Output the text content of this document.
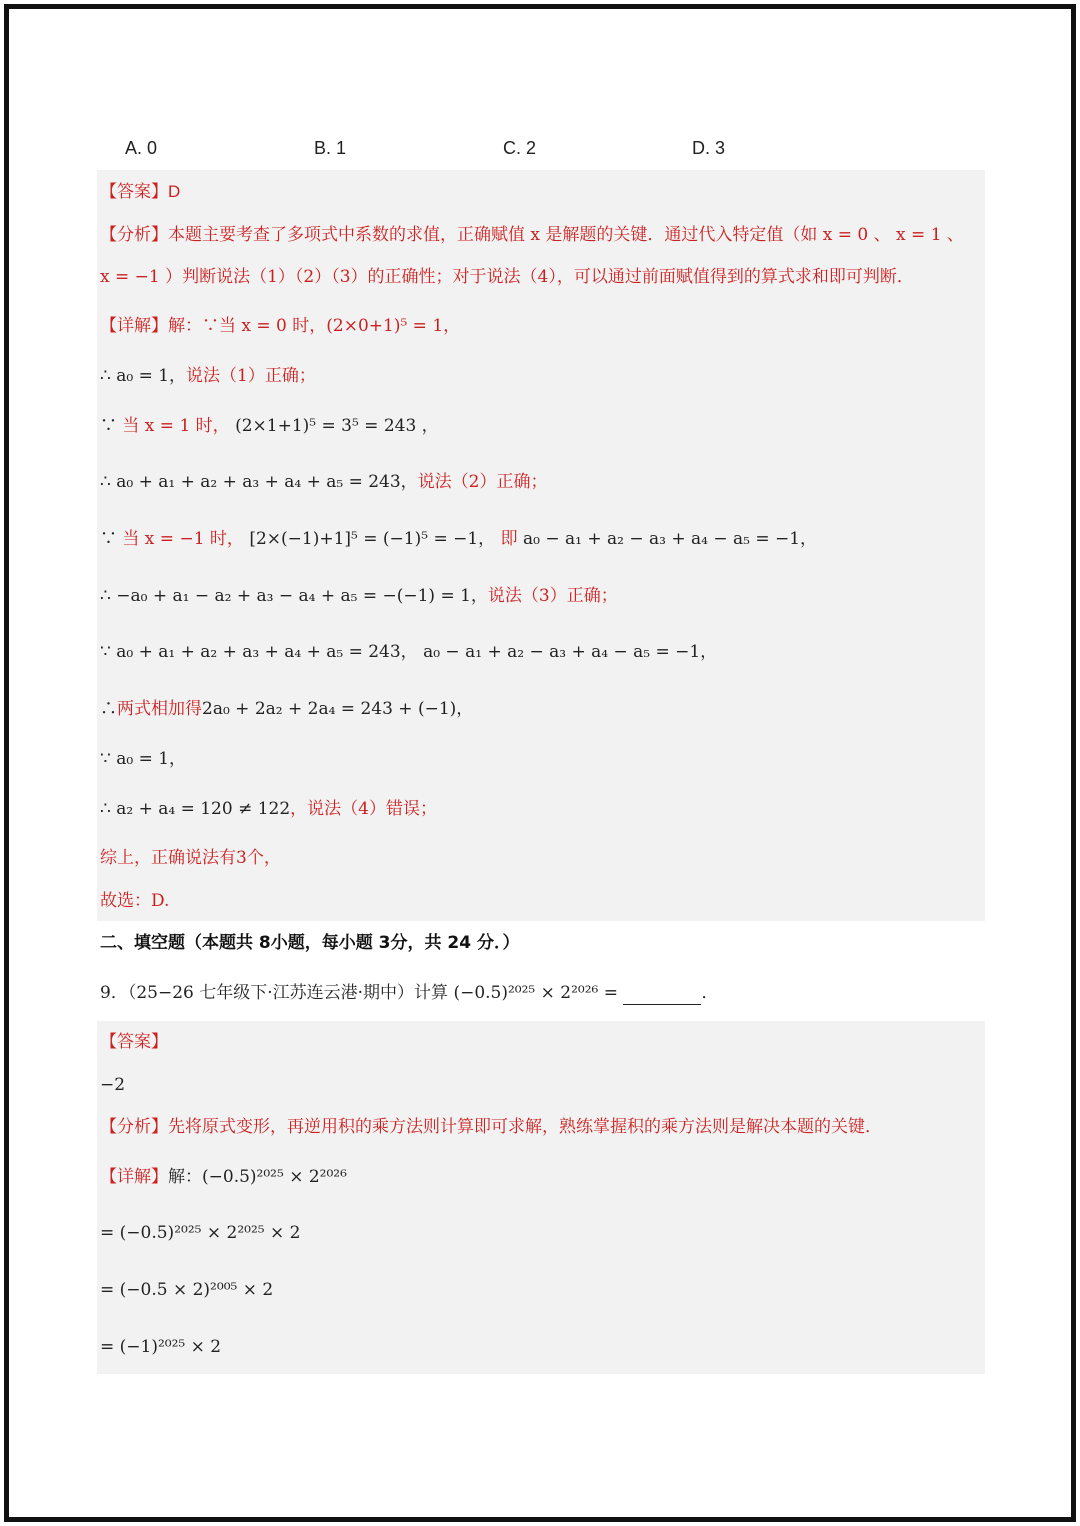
A. 0	B. 1	C. 2	D. 3
【答案】D
【分析】本题主要考查了多项式中系数的求值，正确赋值 x 是解题的关键．通过代入特定值（如 x = 0 、 x = 1 、
x = −1 ）判断说法（1）（2）（3）的正确性；对于说法（4），可以通过前面赋值得到的算式求和即可判断．
【详解】解：∵当 x = 0 时，(2×0+1)⁵ = 1，
∴ a₀ = 1，说法（1）正确；
∵ 当 x = 1 时， (2×1+1)⁵ = 3⁵ = 243 ，
∴ a₀ + a₁ + a₂ + a₃ + a₄ + a₅ = 243，说法（2）正确；
∵ 当 x = −1 时， [2×(−1)+1]⁵ = (−1)⁵ = −1， 即 a₀ − a₁ + a₂ − a₃ + a₄ − a₅ = −1，
∴ −a₀ + a₁ − a₂ + a₃ − a₄ + a₅ = −(−1) = 1，说法（3）正确；
∵ a₀ + a₁ + a₂ + a₃ + a₄ + a₅ = 243， a₀ − a₁ + a₂ − a₃ + a₄ − a₅ = −1，
∴两式相加得2a₀ + 2a₂ + 2a₄ = 243 + (−1)，
∵ a₀ = 1，
∴ a₂ + a₄ = 120 ≠ 122，说法（4）错误；
综上，正确说法有3个，
故选：D.
二、填空题（本题共 8小题，每小题 3分，共 24 分．）
9．（25−26 七年级下·江苏连云港·期中）计算 (−0.5)²⁰²⁵ × 2²⁰²⁶ =	．
【答案】
−2
【分析】先将原式变形，再逆用积的乘方法则计算即可求解，熟练掌握积的乘方法则是解决本题的关键．
【详解】解：(−0.5)²⁰²⁵ × 2²⁰²⁶
= (−0.5)²⁰²⁵ × 2²⁰²⁵ × 2
= (−0.5 × 2)²⁰⁰⁵ × 2
= (−1)²⁰²⁵ × 2
